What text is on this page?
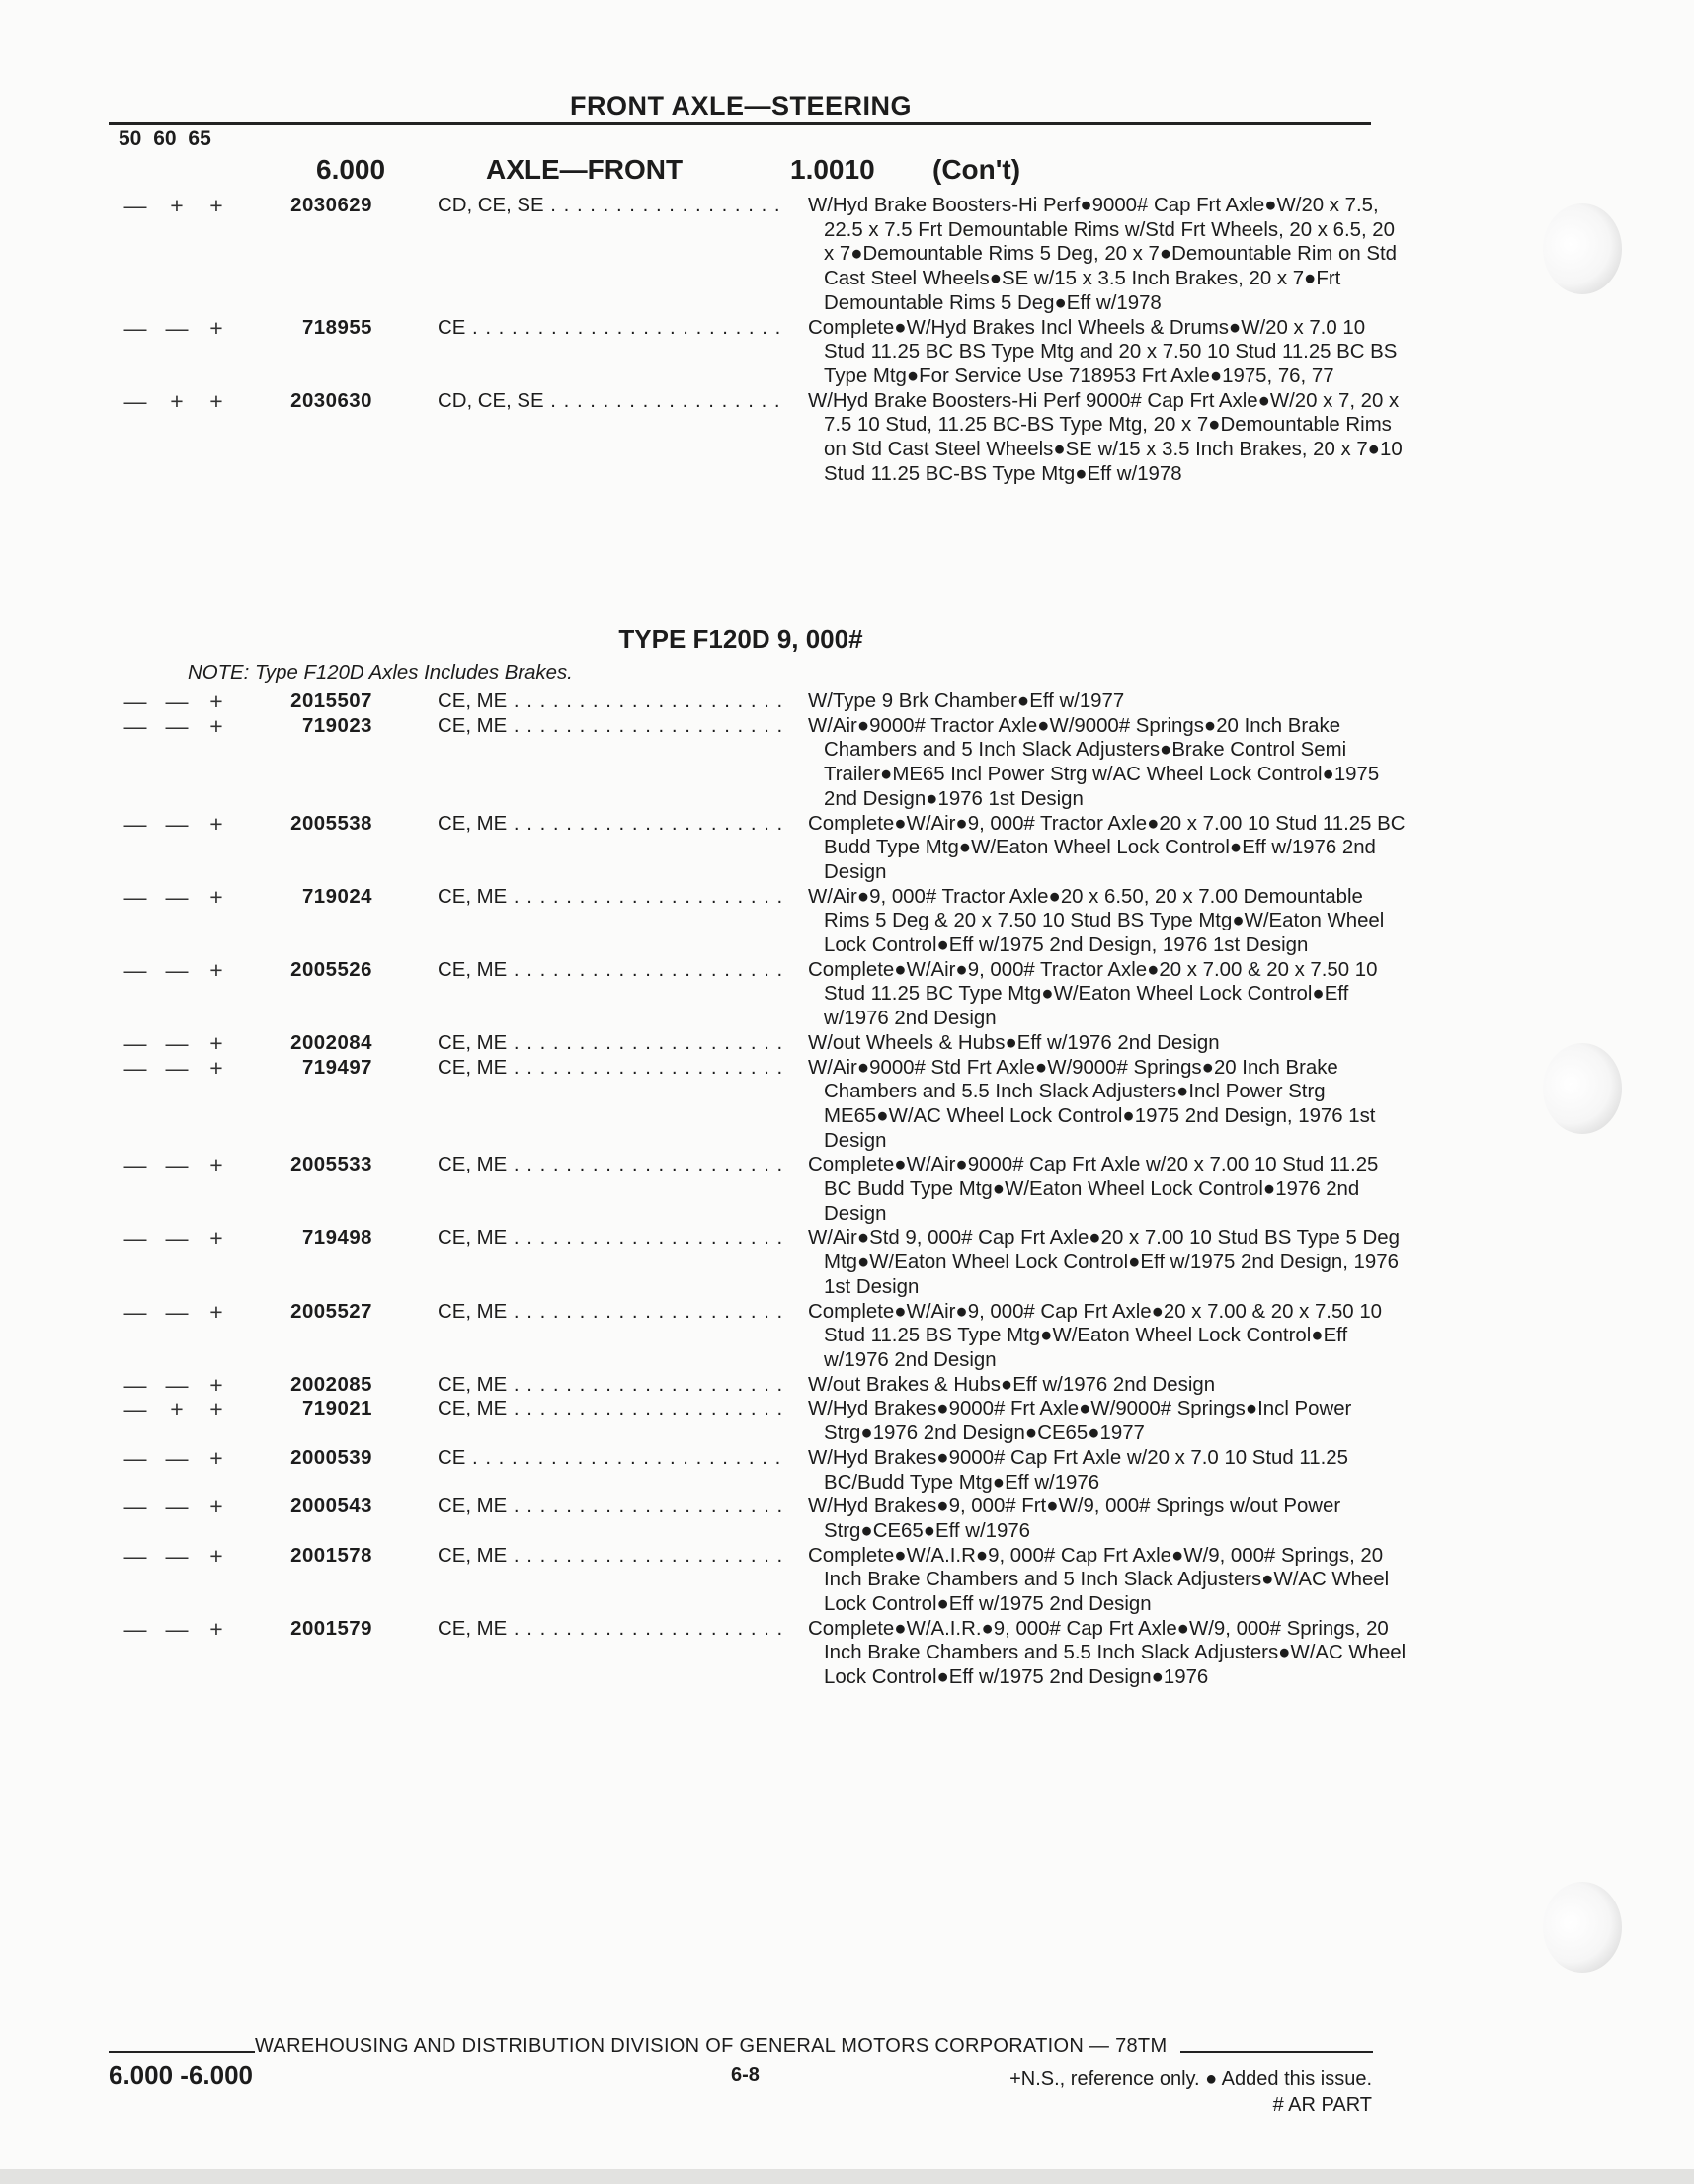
FRONT AXLE—STEERING
50 60 65
6.000	AXLE—FRONT	1.0010 (Con't)
—	+	+	2030629	CD, CE, SE . . .	W/Hyd Brake Boosters-Hi Perf●9000# Cap Frt Axle●W/20 x 7.5, 22.5 x 7.5 Frt Demountable Rims w/Std Frt Wheels, 20 x 6.5, 20 x 7●Demountable Rims 5 Deg, 20 x 7●Demountable Rim on Std Cast Steel Wheels●SE w/15 x 3.5 Inch Brakes, 20 x 7●Frt Demountable Rims 5 Deg●Eff w/1978
— — +	718955	CE . . .	Complete●W/Hyd Brakes Incl Wheels & Drums●W/20 x 7.0 10 Stud 11.25 BC BS Type Mtg and 20 x 7.50 10 Stud 11.25 BC BS Type Mtg●For Service Use 718953 Frt Axle●1975, 76, 77
—	+	+	2030630	CD, CE, SE . . .	W/Hyd Brake Boosters-Hi Perf 9000# Cap Frt Axle●W/20 x 7, 20 x 7.5 10 Stud, 11.25 BC-BS Type Mtg, 20 x 7●Demountable Rims on Std Cast Steel Wheels●SE w/15 x 3.5 Inch Brakes, 20 x 7●10 Stud 11.25 BC-BS Type Mtg●Eff w/1978
TYPE F120D 9, 000#
NOTE: Type F120D Axles Includes Brakes.
— — +	2015507	CE, ME . . .	W/Type 9 Brk Chamber●Eff w/1977
— — +	719023	CE, ME . . .	W/Air●9000# Tractor Axle●W/9000# Springs●20 Inch Brake Chambers and 5 Inch Slack Adjusters●Brake Control Semi Trailer●ME65 Incl Power Strg w/AC Wheel Lock Control●1975 2nd Design●1976 1st Design
— — +	2005538	CE, ME . . .	Complete●W/Air●9, 000# Tractor Axle●20 x 7.00 10 Stud 11.25 BC Budd Type Mtg●W/Eaton Wheel Lock Control●Eff w/1976 2nd Design
— — +	719024	CE, ME . . .	W/Air●9, 000# Tractor Axle●20 x 6.50, 20 x 7.00 Demountable Rims 5 Deg & 20 x 7.50 10 Stud BS Type Mtg●W/Eaton Wheel Lock Control●Eff w/1975 2nd Design, 1976 1st Design
— — +	2005526	CE, ME . . .	Complete●W/Air●9, 000# Tractor Axle●20 x 7.00 & 20 x 7.50 10 Stud 11.25 BC Type Mtg●W/Eaton Wheel Lock Control●Eff w/1976 2nd Design
— — +	2002084	CE, ME . . .	W/out Wheels & Hubs●Eff w/1976 2nd Design
— — +	719497	CE, ME . . .	W/Air●9000# Std Frt Axle●W/9000# Springs●20 Inch Brake Chambers and 5.5 Inch Slack Adjusters●Incl Power Strg ME65●W/AC Wheel Lock Control●1975 2nd Design, 1976 1st Design
— — +	2005533	CE, ME . . .	Complete●W/Air●9000# Cap Frt Axle w/20 x 7.00 10 Stud 11.25 BC Budd Type Mtg●W/Eaton Wheel Lock Control●1976 2nd Design
— — +	719498	CE, ME . . .	W/Air●Std 9, 000# Cap Frt Axle●20 x 7.00 10 Stud BS Type 5 Deg Mtg●W/Eaton Wheel Lock Control●Eff w/1975 2nd Design, 1976 1st Design
— — +	2005527	CE, ME . . .	Complete●W/Air●9, 000# Cap Frt Axle●20 x 7.00 & 20 x 7.50 10 Stud 11.25 BS Type Mtg●W/Eaton Wheel Lock Control●Eff w/1976 2nd Design
— — +	2002085	CE, ME . . .	W/out Brakes & Hubs●Eff w/1976 2nd Design
—	+	+	719021	CE, ME . . .	W/Hyd Brakes●9000# Frt Axle●W/9000# Springs●Incl Power Strg●1976 2nd Design●CE65●1977
— — +	2000539	CE . . .	W/Hyd Brakes●9000# Cap Frt Axle w/20 x 7.0 10 Stud 11.25 BC/Budd Type Mtg●Eff w/1976
— — +	2000543	CE, ME . . .	W/Hyd Brakes●9, 000# Frt●W/9, 000# Springs w/out Power Strg●CE65●Eff w/1976
— — +	2001578	CE, ME . . .	Complete●W/A.I.R●9, 000# Cap Frt Axle●W/9, 000# Springs, 20 Inch Brake Chambers and 5 Inch Slack Adjusters●W/AC Wheel Lock Control●Eff w/1975 2nd Design
— — +	2001579	CE, ME . . .	Complete●W/A.I.R.●9, 000# Cap Frt Axle●W/9, 000# Springs, 20 Inch Brake Chambers and 5.5 Inch Slack Adjusters●W/AC Wheel Lock Control●Eff w/1975 2nd Design●1976
WAREHOUSING AND DISTRIBUTION DIVISION OF GENERAL MOTORS CORPORATION — 78TM
6.000 -6.000	6-8	+N.S., reference only. ● Added this issue.
# AR PART
